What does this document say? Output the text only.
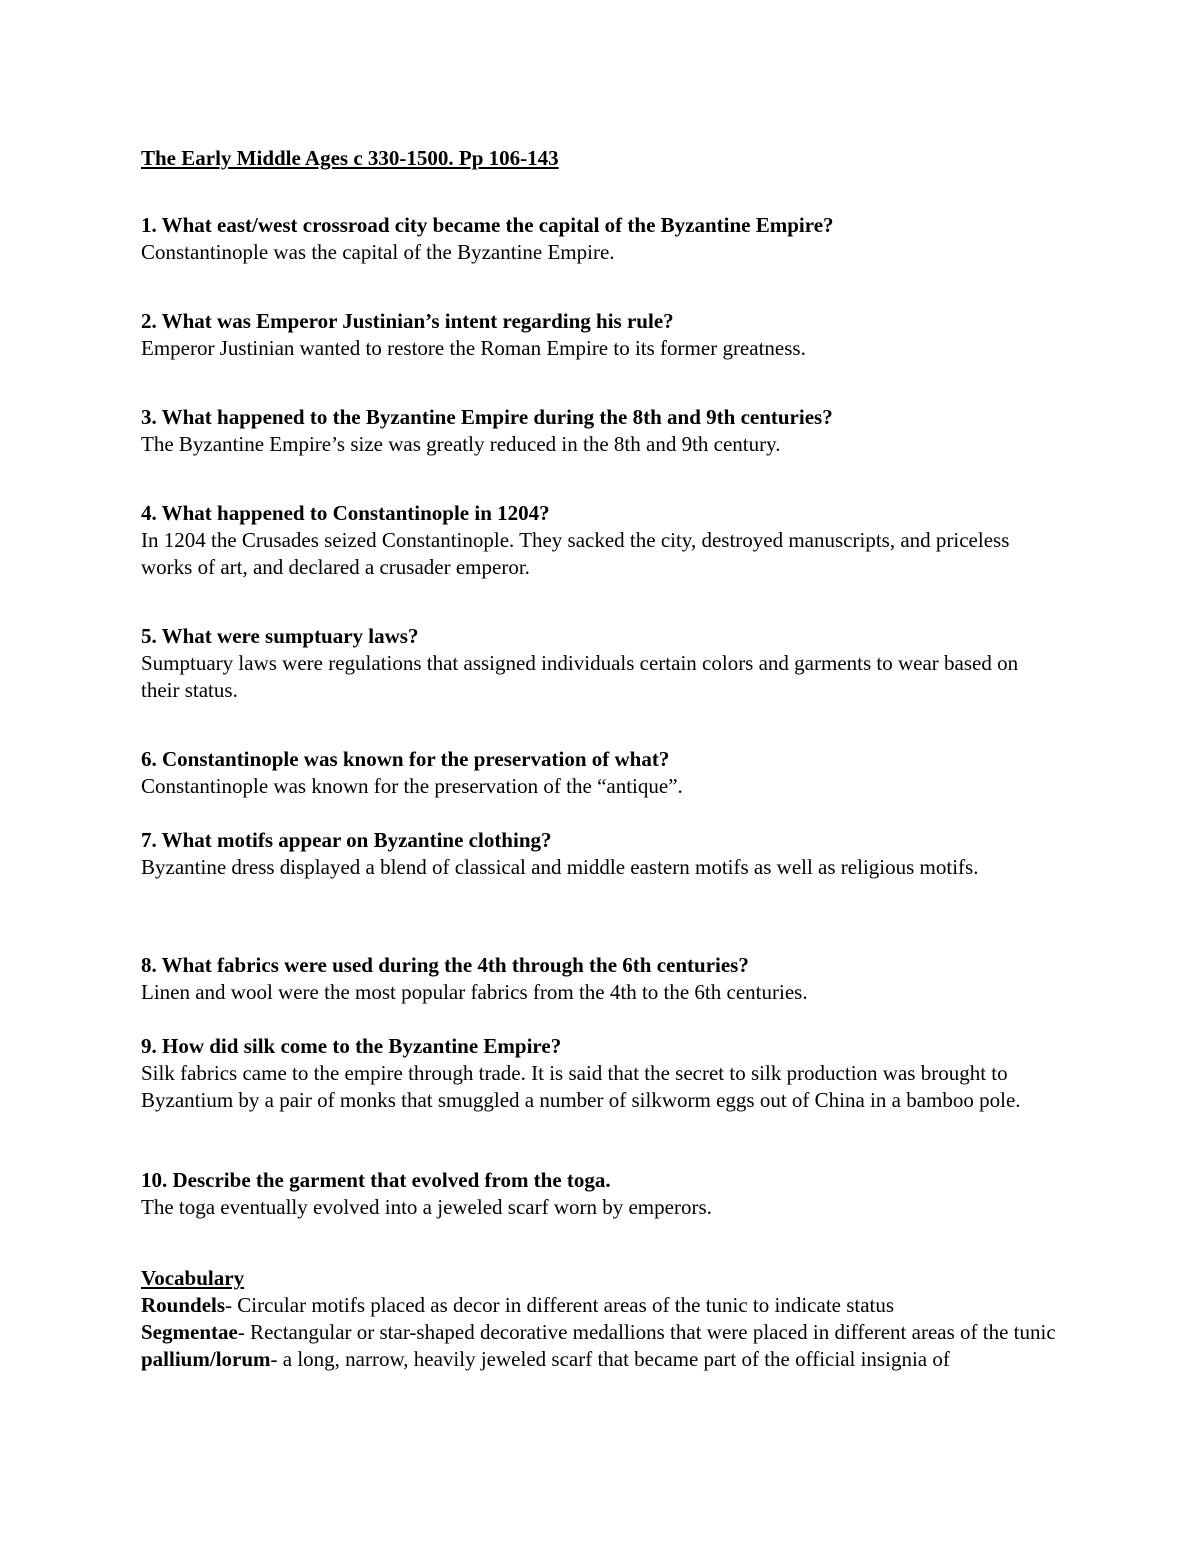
The Early Middle Ages c 330-1500. Pp 106-143
1. What east/west crossroad city became the capital of the Byzantine Empire?
Constantinople was the capital of the Byzantine Empire.
2. What was Emperor Justinian’s intent regarding his rule?
Emperor Justinian wanted to restore the Roman Empire to its former greatness.
3. What happened to the Byzantine Empire during the 8th and 9th centuries?
The Byzantine Empire’s size was greatly reduced in the 8th and 9th century.
4. What happened to Constantinople in 1204?
In 1204 the Crusades seized Constantinople. They sacked the city, destroyed manuscripts, and priceless works of art, and declared a crusader emperor.
5. What were sumptuary laws?
Sumptuary laws were regulations that assigned individuals certain colors and garments to wear based on their status.
6. Constantinople was known for the preservation of what?
Constantinople was known for the preservation of the “antique”.
7. What motifs appear on Byzantine clothing?
Byzantine dress displayed a blend of classical and middle eastern motifs as well as religious motifs.
8. What fabrics were used during the 4th through the 6th centuries?
Linen and wool were the most popular fabrics from the 4th to the 6th centuries.
9. How did silk come to the Byzantine Empire?
Silk fabrics came to the empire through trade. It is said that the secret to silk production was brought to Byzantium by a pair of monks that smuggled a number of silkworm eggs out of China in a bamboo pole.
10. Describe the garment that evolved from the toga.
The toga eventually evolved into a jeweled scarf worn by emperors.
Vocabulary

Roundels- Circular motifs placed as decor in different areas of the tunic to indicate status

Segmentae- Rectangular or star-shaped decorative medallions that were placed in different areas of the tunic

pallium/lorum- a long, narrow, heavily jeweled scarf that became part of the official insignia of
